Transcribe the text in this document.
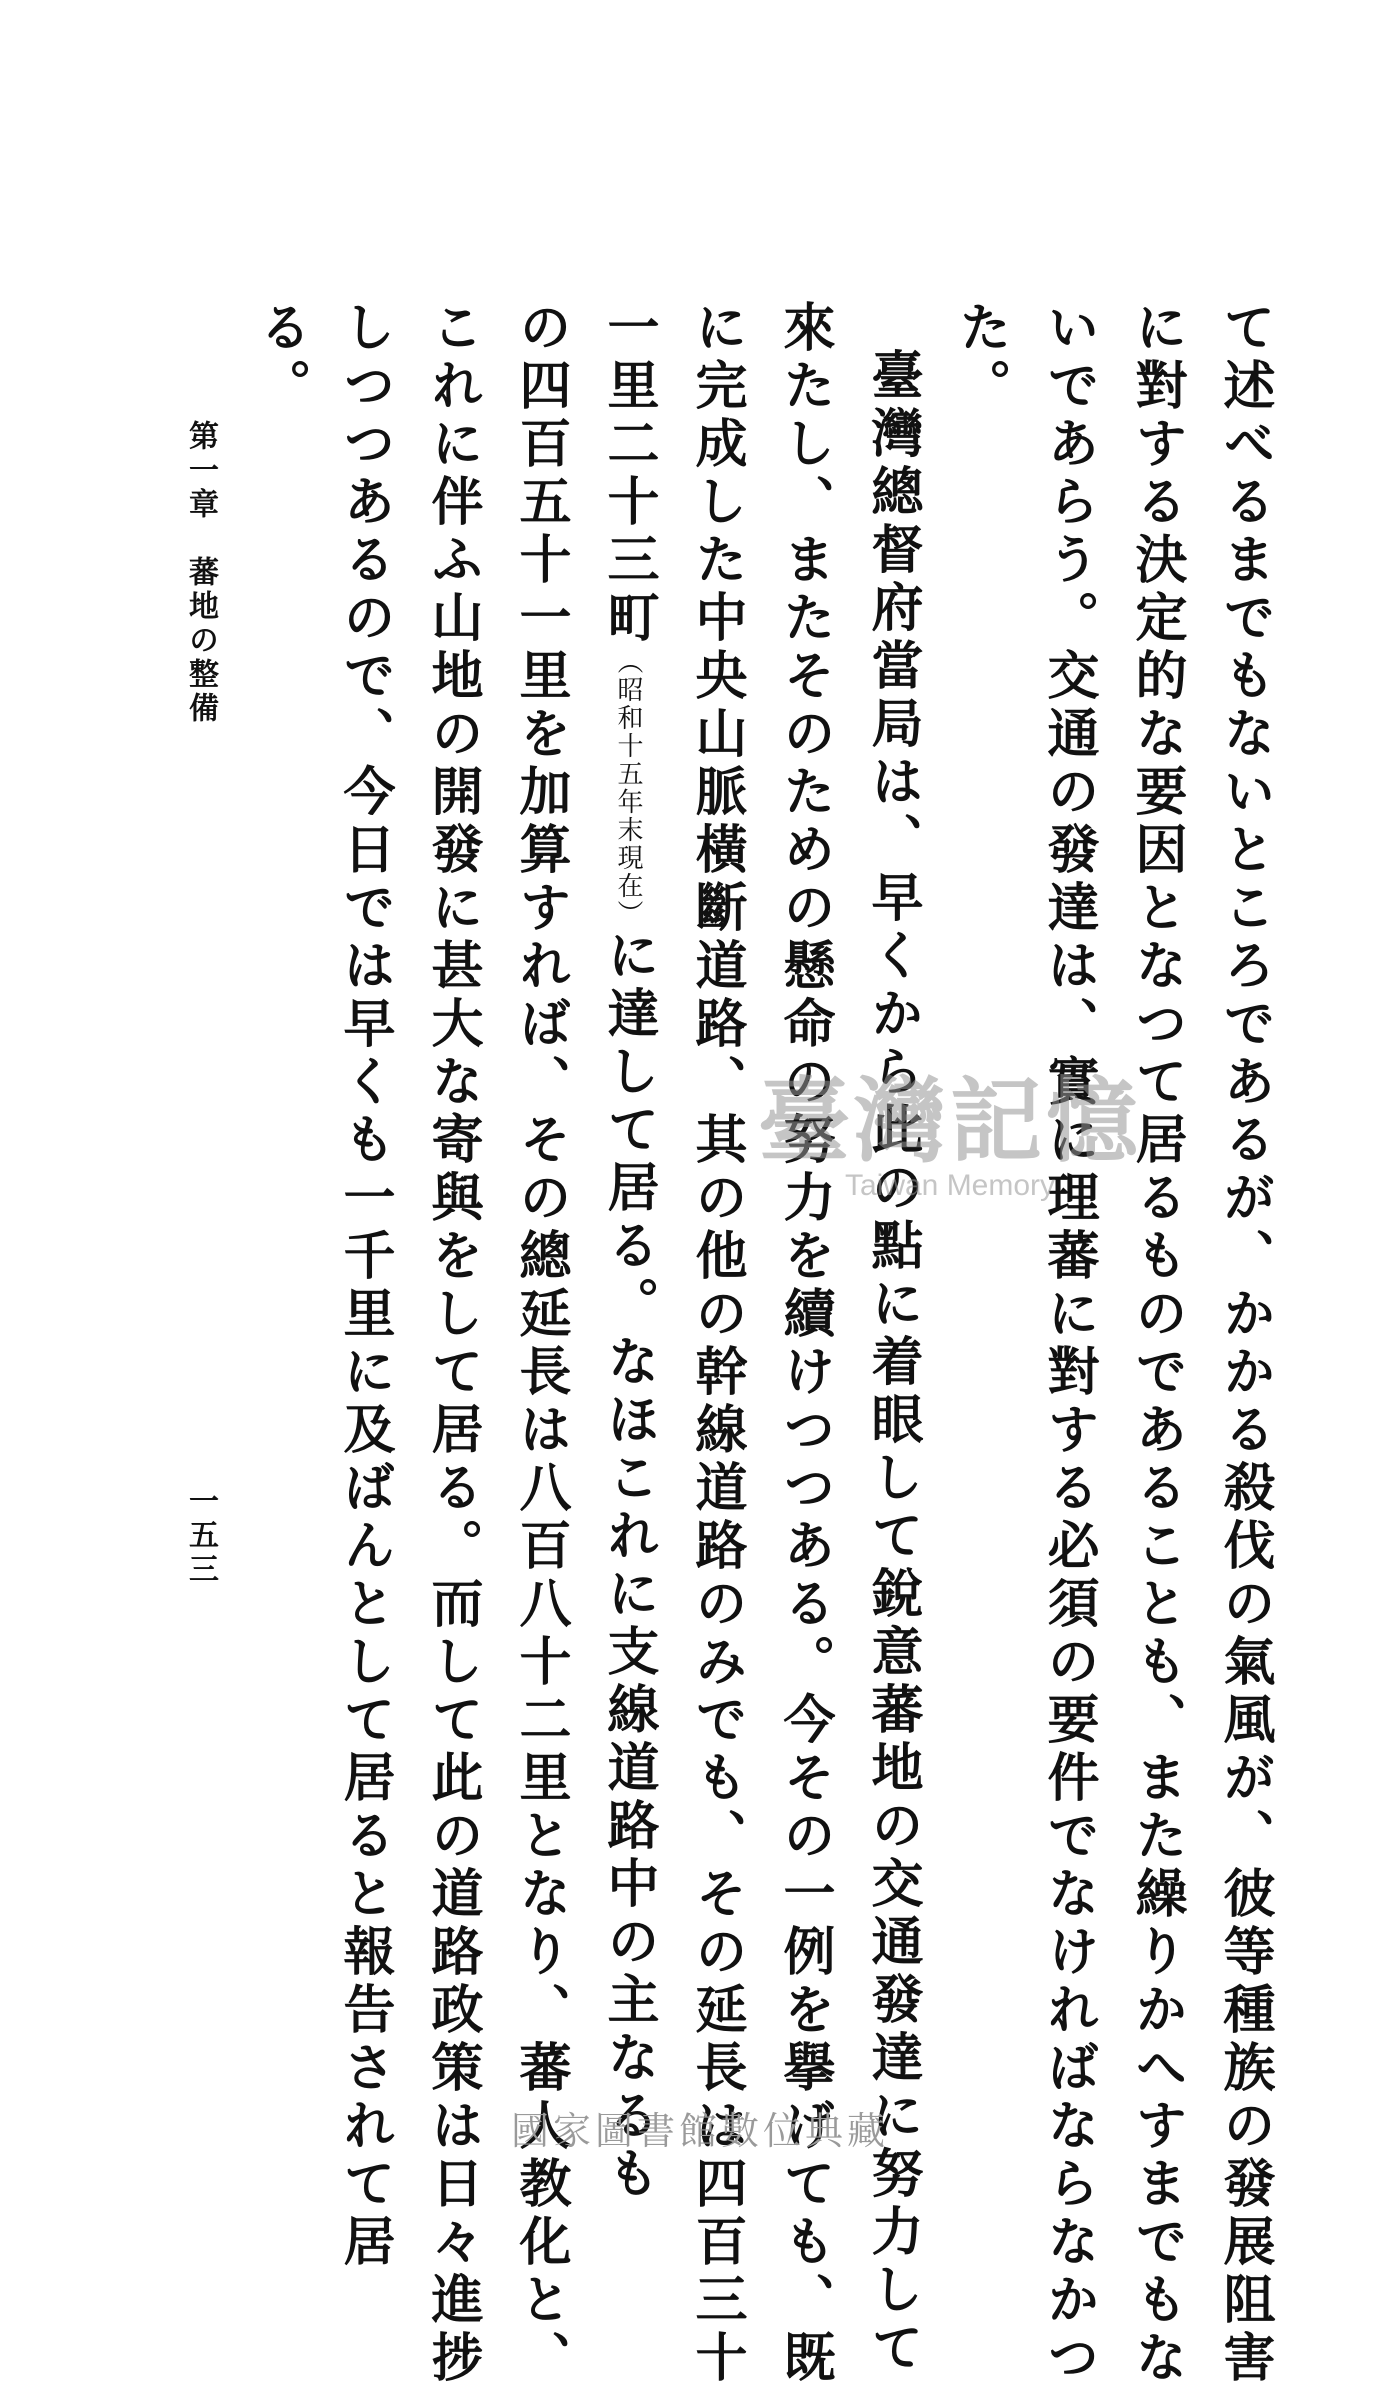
て述べるまでもないところであるが、かかる殺伐の氣風が、彼等種族の發展阻害
に對する決定的な要因となつて居るものであることも、また繰りかへすまでもな
いであらう。交通の發達は、實に理蕃に對する必須の要件でなければならなかつ
た。
臺灣總督府當局は、早くから此の點に着眼して銳意蕃地の交通發達に努力して
來たし、またそのための懸命の努力を續けつつある。今その一例を擧げても、既
に完成した中央山脈橫斷道路、其の他の幹線道路のみでも、その延長は四百三十
一里二十三町（昭和十五年末現在）に達して居る。なほこれに支線道路中の主なるも
の四百五十一里を加算すれば、その總延長は八百八十二里となり、蕃人教化と、
これに伴ふ山地の開發に甚大な寄與をして居る。而して此の道路政策は日々進捗
しつつあるので、今日では早くも一千里に及ばんとして居ると報告されて居
る。
第一章　蕃地の整備
一五三
臺灣記憶
Taiwan Memory
國家圖書館數位典藏
